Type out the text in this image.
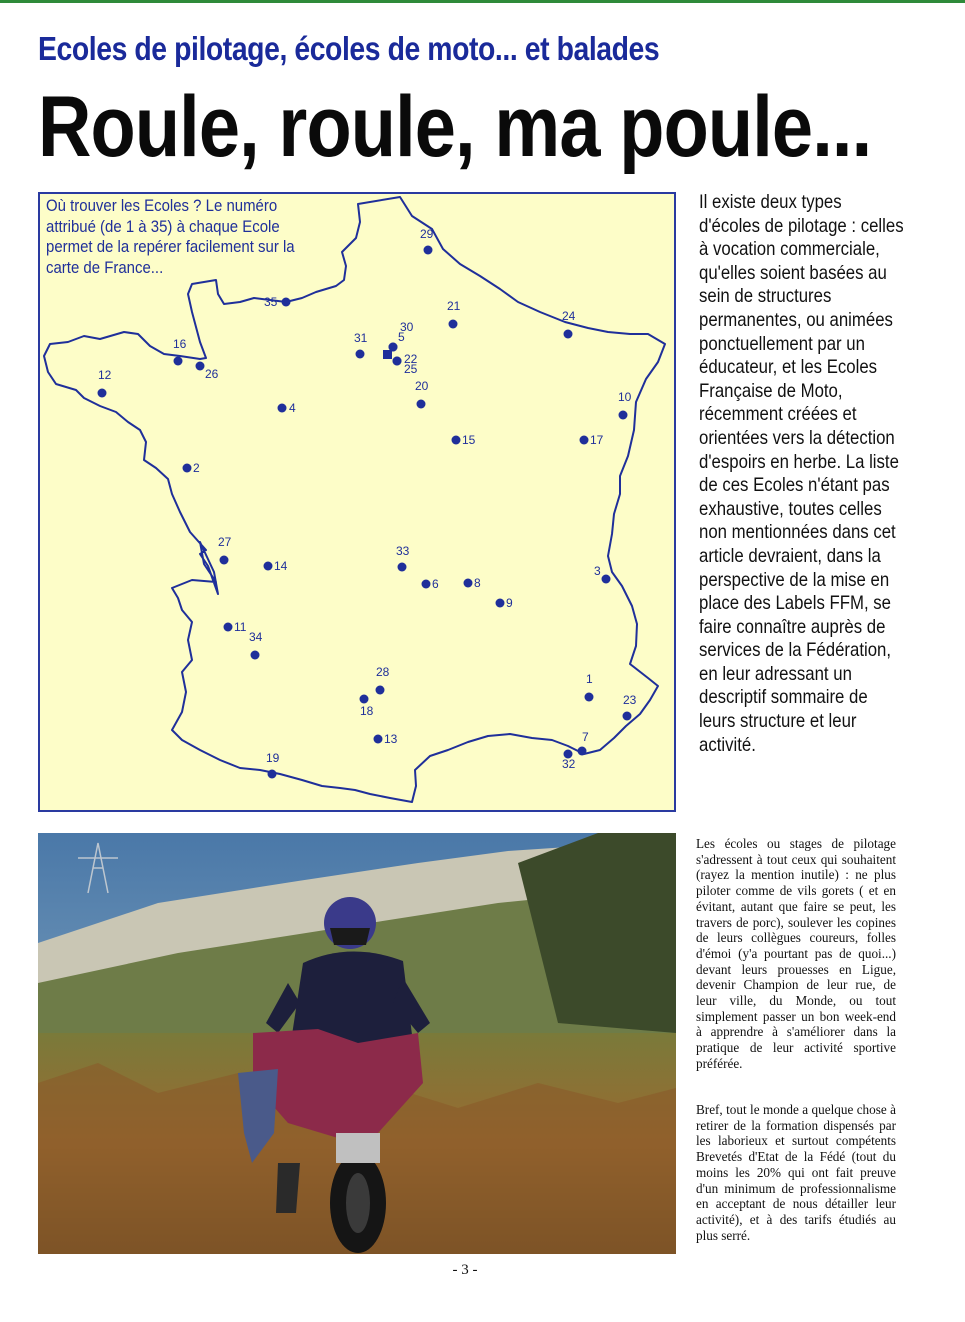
Ecoles de pilotage, écoles de moto... et balades
Roule, roule, ma poule...
1
2
3
4
5
6
7
8
9
10
11
12
13
14
15
16
17
18
19
20
21
22
23
24
25
26
27
28
29
30
31
32
33
34
35
Où trouver les Ecoles ? Le numéro attribué (de 1 à 35) à chaque Ecole permet de la repérer facilement sur la carte de France...
Il existe deux types d'écoles de pilotage : celles à vocation commerciale, qu'elles soient basées au sein de structures permanentes, ou animées ponctuellement par un éducateur, et les Ecoles Française de Moto, récemment créées et orientées vers la détection d'espoirs en herbe. La liste de ces Ecoles n'étant pas exhaustive, toutes celles non mentionnées dans cet article devraient, dans la perspective de la mise en place des Labels FFM, se faire connaître auprès de services de la Fédération, en leur adressant un descriptif sommaire de leurs structure et leur activité.

Les écoles ou stages de pilotage s'adressent à tout ceux qui souhaitent (rayez la mention inutile) : ne plus piloter comme de vils gorets ( et en évitant, autant que faire se peut, les travers de porc), soulever les copines de leurs collègues coureurs, folles d'émoi (y'a pourtant pas de quoi...) devant leurs prouesses en Ligue, devenir Champion de leur rue, de leur ville, du Monde, ou tout simplement passer un bon week-end à apprendre à s'améliorer dans la pratique de leur activité sportive préférée.

Bref, tout le monde a quelque chose à retirer de la formation dispensés par les laborieux et surtout compétents Brevetés d'Etat de la Fédé (tout du moins les 20% qui ont fait preuve d'un minimum de professionnalisme en acceptant de nous détailler leur activité), et à des tarifs étudiés au plus serré.

- 3 -
